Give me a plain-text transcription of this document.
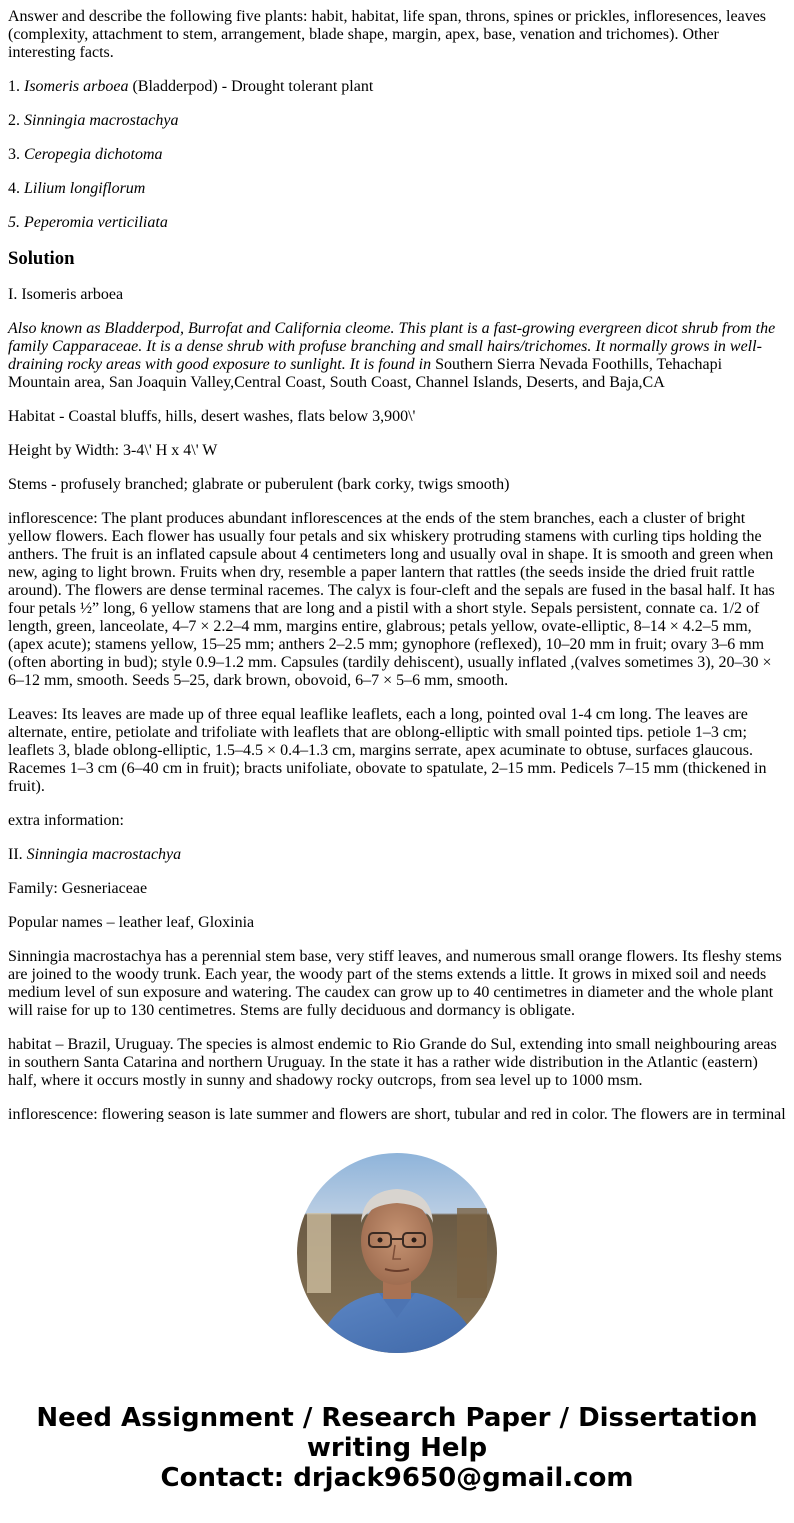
Answer and describe the following five plants: habit, habitat, life span, throns, spines or prickles, infloresences, leaves (complexity, attachment to stem, arrangement, blade shape, margin, apex, base, venation and trichomes). Other interesting facts.

1. Isomeris arboea (Bladderpod) - Drought tolerant plant

2. Sinningia macrostachya

3. Ceropegia dichotoma

4. Lilium longiflorum

5. Peperomia verticiliata

Solution

I. Isomeris arboea

Also known as Bladderpod, Burrofat and California cleome. This plant is a fast-growing evergreen dicot shrub from the family Capparaceae. It is a dense shrub with profuse branching and small hairs/trichomes. It normally grows in well-draining rocky areas with good exposure to sunlight. It is found in Southern Sierra Nevada Foothills, Tehachapi Mountain area, San Joaquin Valley,Central Coast, South Coast, Channel Islands, Deserts, and Baja,CA

Habitat - Coastal bluffs, hills, desert washes, flats below 3,900\'

Height by Width: 3-4\' H x 4\' W

Stems - profusely branched; glabrate or puberulent (bark corky, twigs smooth)

inflorescence: The plant produces abundant inflorescences at the ends of the stem branches, each a cluster of bright yellow flowers. Each flower has usually four petals and six whiskery protruding stamens with curling tips holding the anthers. The fruit is an inflated capsule about 4 centimeters long and usually oval in shape. It is smooth and green when new, aging to light brown. Fruits when dry, resemble a paper lantern that rattles (the seeds inside the dried fruit rattle around). The flowers are dense terminal racemes. The calyx is four-cleft and the sepals are fused in the basal half. It has four petals ½” long, 6 yellow stamens that are long and a pistil with a short style. Sepals persistent, connate ca. 1/2 of length, green, lanceolate, 4–7 × 2.2–4 mm, margins entire, glabrous; petals yellow, ovate-elliptic, 8–14 × 4.2–5 mm, (apex acute); stamens yellow, 15–25 mm; anthers 2–2.5 mm; gynophore (reflexed), 10–20 mm in fruit; ovary 3–6 mm (often aborting in bud); style 0.9–1.2 mm. Capsules (tardily dehiscent), usually inflated ,(valves sometimes 3), 20–30 × 6–12 mm, smooth. Seeds 5–25, dark brown, obovoid, 6–7 × 5–6 mm, smooth.

Leaves: Its leaves are made up of three equal leaflike leaflets, each a long, pointed oval 1-4 cm long. The leaves are alternate, entire, petiolate and trifoliate with leaflets that are oblong-elliptic with small pointed tips. petiole 1–3 cm; leaflets 3, blade oblong-elliptic, 1.5–4.5 × 0.4–1.3 cm, margins serrate, apex acuminate to obtuse, surfaces glaucous. Racemes 1–3 cm (6–40 cm in fruit); bracts unifoliate, obovate to spatulate, 2–15 mm. Pedicels 7–15 mm (thickened in fruit).

extra information:

II. Sinningia macrostachya

Family: Gesneriaceae

Popular names – leather leaf, Gloxinia

Sinningia macrostachya has a perennial stem base, very stiff leaves, and numerous small orange flowers. Its fleshy stems are joined to the woody trunk. Each year, the woody part of the stems extends a little. It grows in mixed soil and needs medium level of sun exposure and watering. The caudex can grow up to 40 centimetres in diameter and the whole plant will raise for up to 130 centimetres. Stems are fully deciduous and dormancy is obligate.

habitat – Brazil, Uruguay. The species is almost endemic to Rio Grande do Sul, extending into small neighbouring areas in southern Santa Catarina and northern Uruguay. In the state it has a rather wide distribution in the Atlantic (eastern) half, where it occurs mostly in sunny and shadowy rocky outcrops, from sea level up to 1000 msm.

inflorescence: flowering season is late summer and flowers are short, tubular and red in color. The flowers are in terminal

Need Assignment / Research Paper / Dissertation
writing Help
Contact: drjack9650@gmail.com
